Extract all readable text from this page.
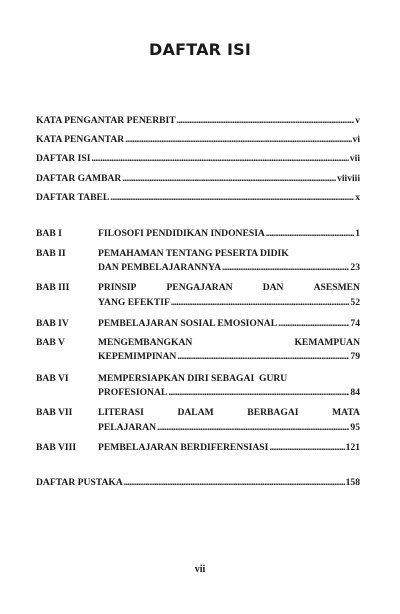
DAFTAR ISI
KATA PENGANTAR PENERBIT .....	v
KATA PENGANTAR .....	vi
DAFTAR ISI .....	vii
DAFTAR GAMBAR .....	viiviii
DAFTAR TABEL .....	x
BAB I	FILOSOFI PENDIDIKAN INDONESIA .....	1
BAB II	PEMAHAMAN TENTANG PESERTA DIDIK
DAN PEMBELAJARANNYA .....	23
BAB III	PRINSIP	PENGAJARAN	DAN	ASESMEN
YANG EFEKTIF .....	52
BAB IV	PEMBELAJARAN SOSIAL EMOSIONAL .....	74
BAB V	MENGEMBANGKAN	KEMAMPUAN
KEPEMIMPINAN .....	79
BAB VI	MEMPERSIAPKAN DIRI SEBAGAI  GURU
PROFESIONAL .....	84
BAB VII	LITERASI	DALAM	BERBAGAI	MATA
PELAJARAN .....	95
BAB VIII PEMBELAJARAN BERDIFERENSIASI .....	121
DAFTAR PUSTAKA .....	158
vii
